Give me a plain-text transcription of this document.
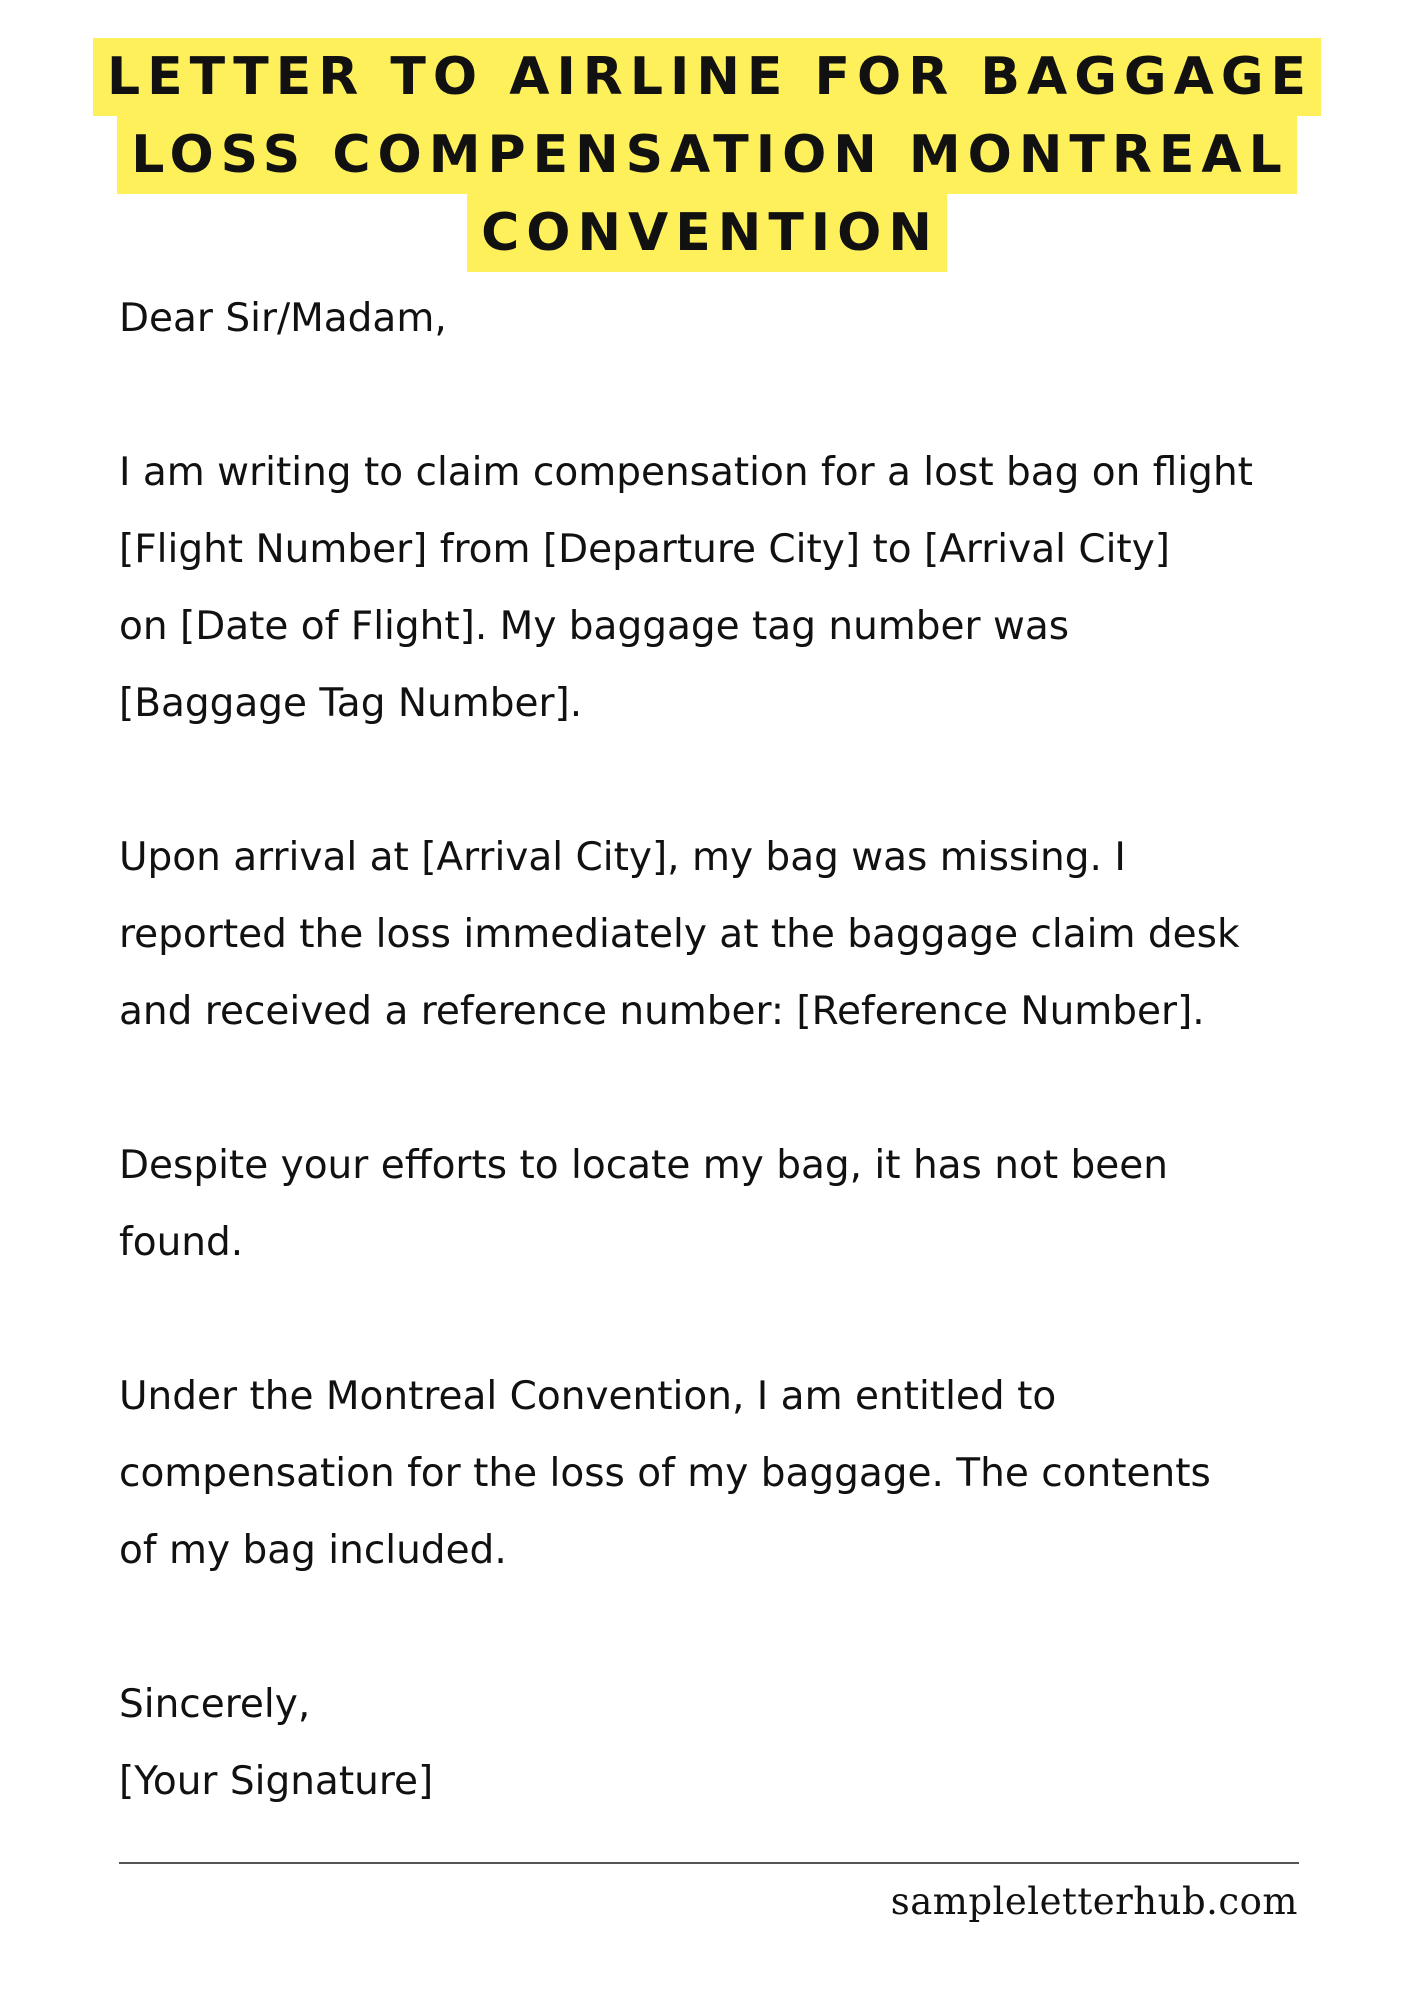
LETTER TO AIRLINE FOR BAGGAGE
LOSS COMPENSATION MONTREAL
CONVENTION
Dear Sir/Madam,
I am writing to claim compensation for a lost bag on flight
[Flight Number] from [Departure City] to [Arrival City]
on [Date of Flight]. My baggage tag number was
[Baggage Tag Number].
Upon arrival at [Arrival City], my bag was missing. I
reported the loss immediately at the baggage claim desk
and received a reference number: [Reference Number].
Despite your efforts to locate my bag, it has not been
found.
Under the Montreal Convention, I am entitled to
compensation for the loss of my baggage. The contents
of my bag included.
Sincerely,
[Your Signature]
sampleletterhub.com
